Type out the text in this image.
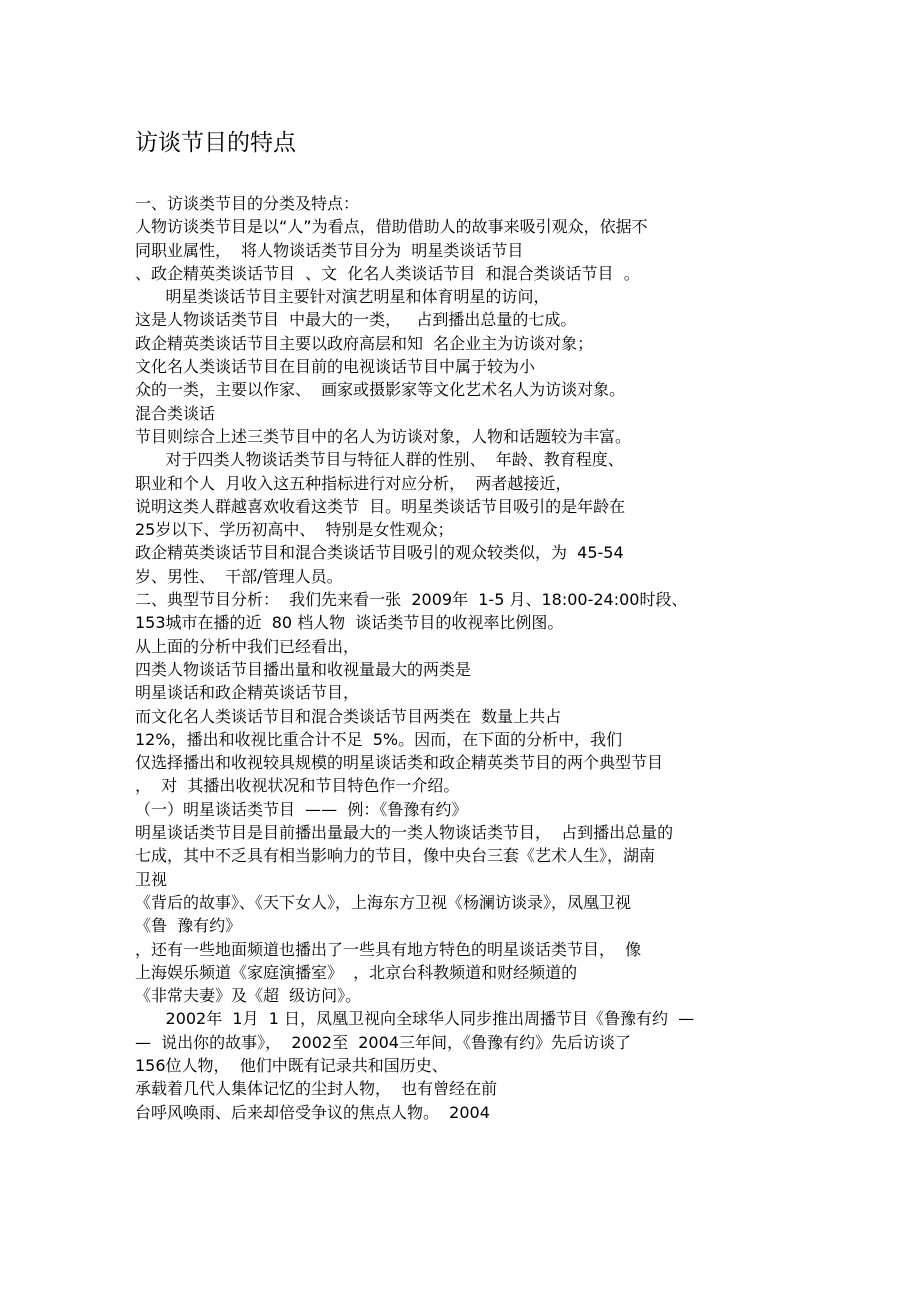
访谈节目的特点
一、访谈类节目的分类及特点：
人物访谈类节目是以“人”为看点，借助借助人的故事来吸引观众，依据不
同职业属性，  将人物谈话类节目分为  明星类谈话节目
、政企精英类谈话节目  、文  化名人类谈话节目  和混合类谈话节目  。
明星类谈话节目主要针对演艺明星和体育明星的访问，
这是人物谈话类节目  中最大的一类，   占到播出总量的七成。
政企精英类谈话节目主要以政府高层和知  名企业主为访谈对象；
文化名人类谈话节目在目前的电视谈话节目中属于较为小
众的一类，主要以作家、  画家或摄影家等文化艺术名人为访谈对象。
混合类谈话
节目则综合上述三类节目中的名人为访谈对象，人物和话题较为丰富。
对于四类人物谈话类节目与特征人群的性别、  年龄、教育程度、
职业和个人  月收入这五种指标进行对应分析，  两者越接近，
说明这类人群越喜欢收看这类节  目。明星类谈话节目吸引的是年龄在
25岁以下、学历初高中、  特别是女性观众；
政企精英类谈话节目和混合类谈话节目吸引的观众较类似，为  45-54
岁、男性、  干部/管理人员。
二、典型节目分析：  我们先来看一张  2009年  1-5 月、18:00-24:00时段、
153城市在播的近  80 档人物  谈话类节目的收视率比例图。
从上面的分析中我们已经看出，
四类人物谈话节目播出量和收视量最大的两类是
明星谈话和政企精英谈话节目，
而文化名人类谈话节目和混合类谈话节目两类在  数量上共占
12%，播出和收视比重合计不足  5%。因而，在下面的分析中，我们
仅选择播出和收视较具规模的明星谈话类和政企精英类节目的两个典型节目
，  对  其播出收视状况和节目特色作一介绍。
（一）明星谈话类节目  ——  例：《鲁豫有约》
明星谈话类节目是目前播出量最大的一类人物谈话类节目，  占到播出总量的
七成，其中不乏具有相当影响力的节目，像中央台三套《艺术人生》，湖南
卫视
《背后的故事》、《天下女人》，上海东方卫视《杨澜访谈录》，凤凰卫视
《鲁  豫有约》
，还有一些地面频道也播出了一些具有地方特色的明星谈话类节目，  像
上海娱乐频道《家庭演播室》  ，北京台科教频道和财经频道的
《非常夫妻》及《超  级访问》。
2002年  1月  1 日，凤凰卫视向全球华人同步推出周播节目《鲁豫有约  —
—  说出你的故事》，  2002至  2004三年间，《鲁豫有约》先后访谈了
156位人物，  他们中既有记录共和国历史、
承载着几代人集体记忆的尘封人物，  也有曾经在前
台呼风唤雨、后来却倍受争议的焦点人物。  2004
